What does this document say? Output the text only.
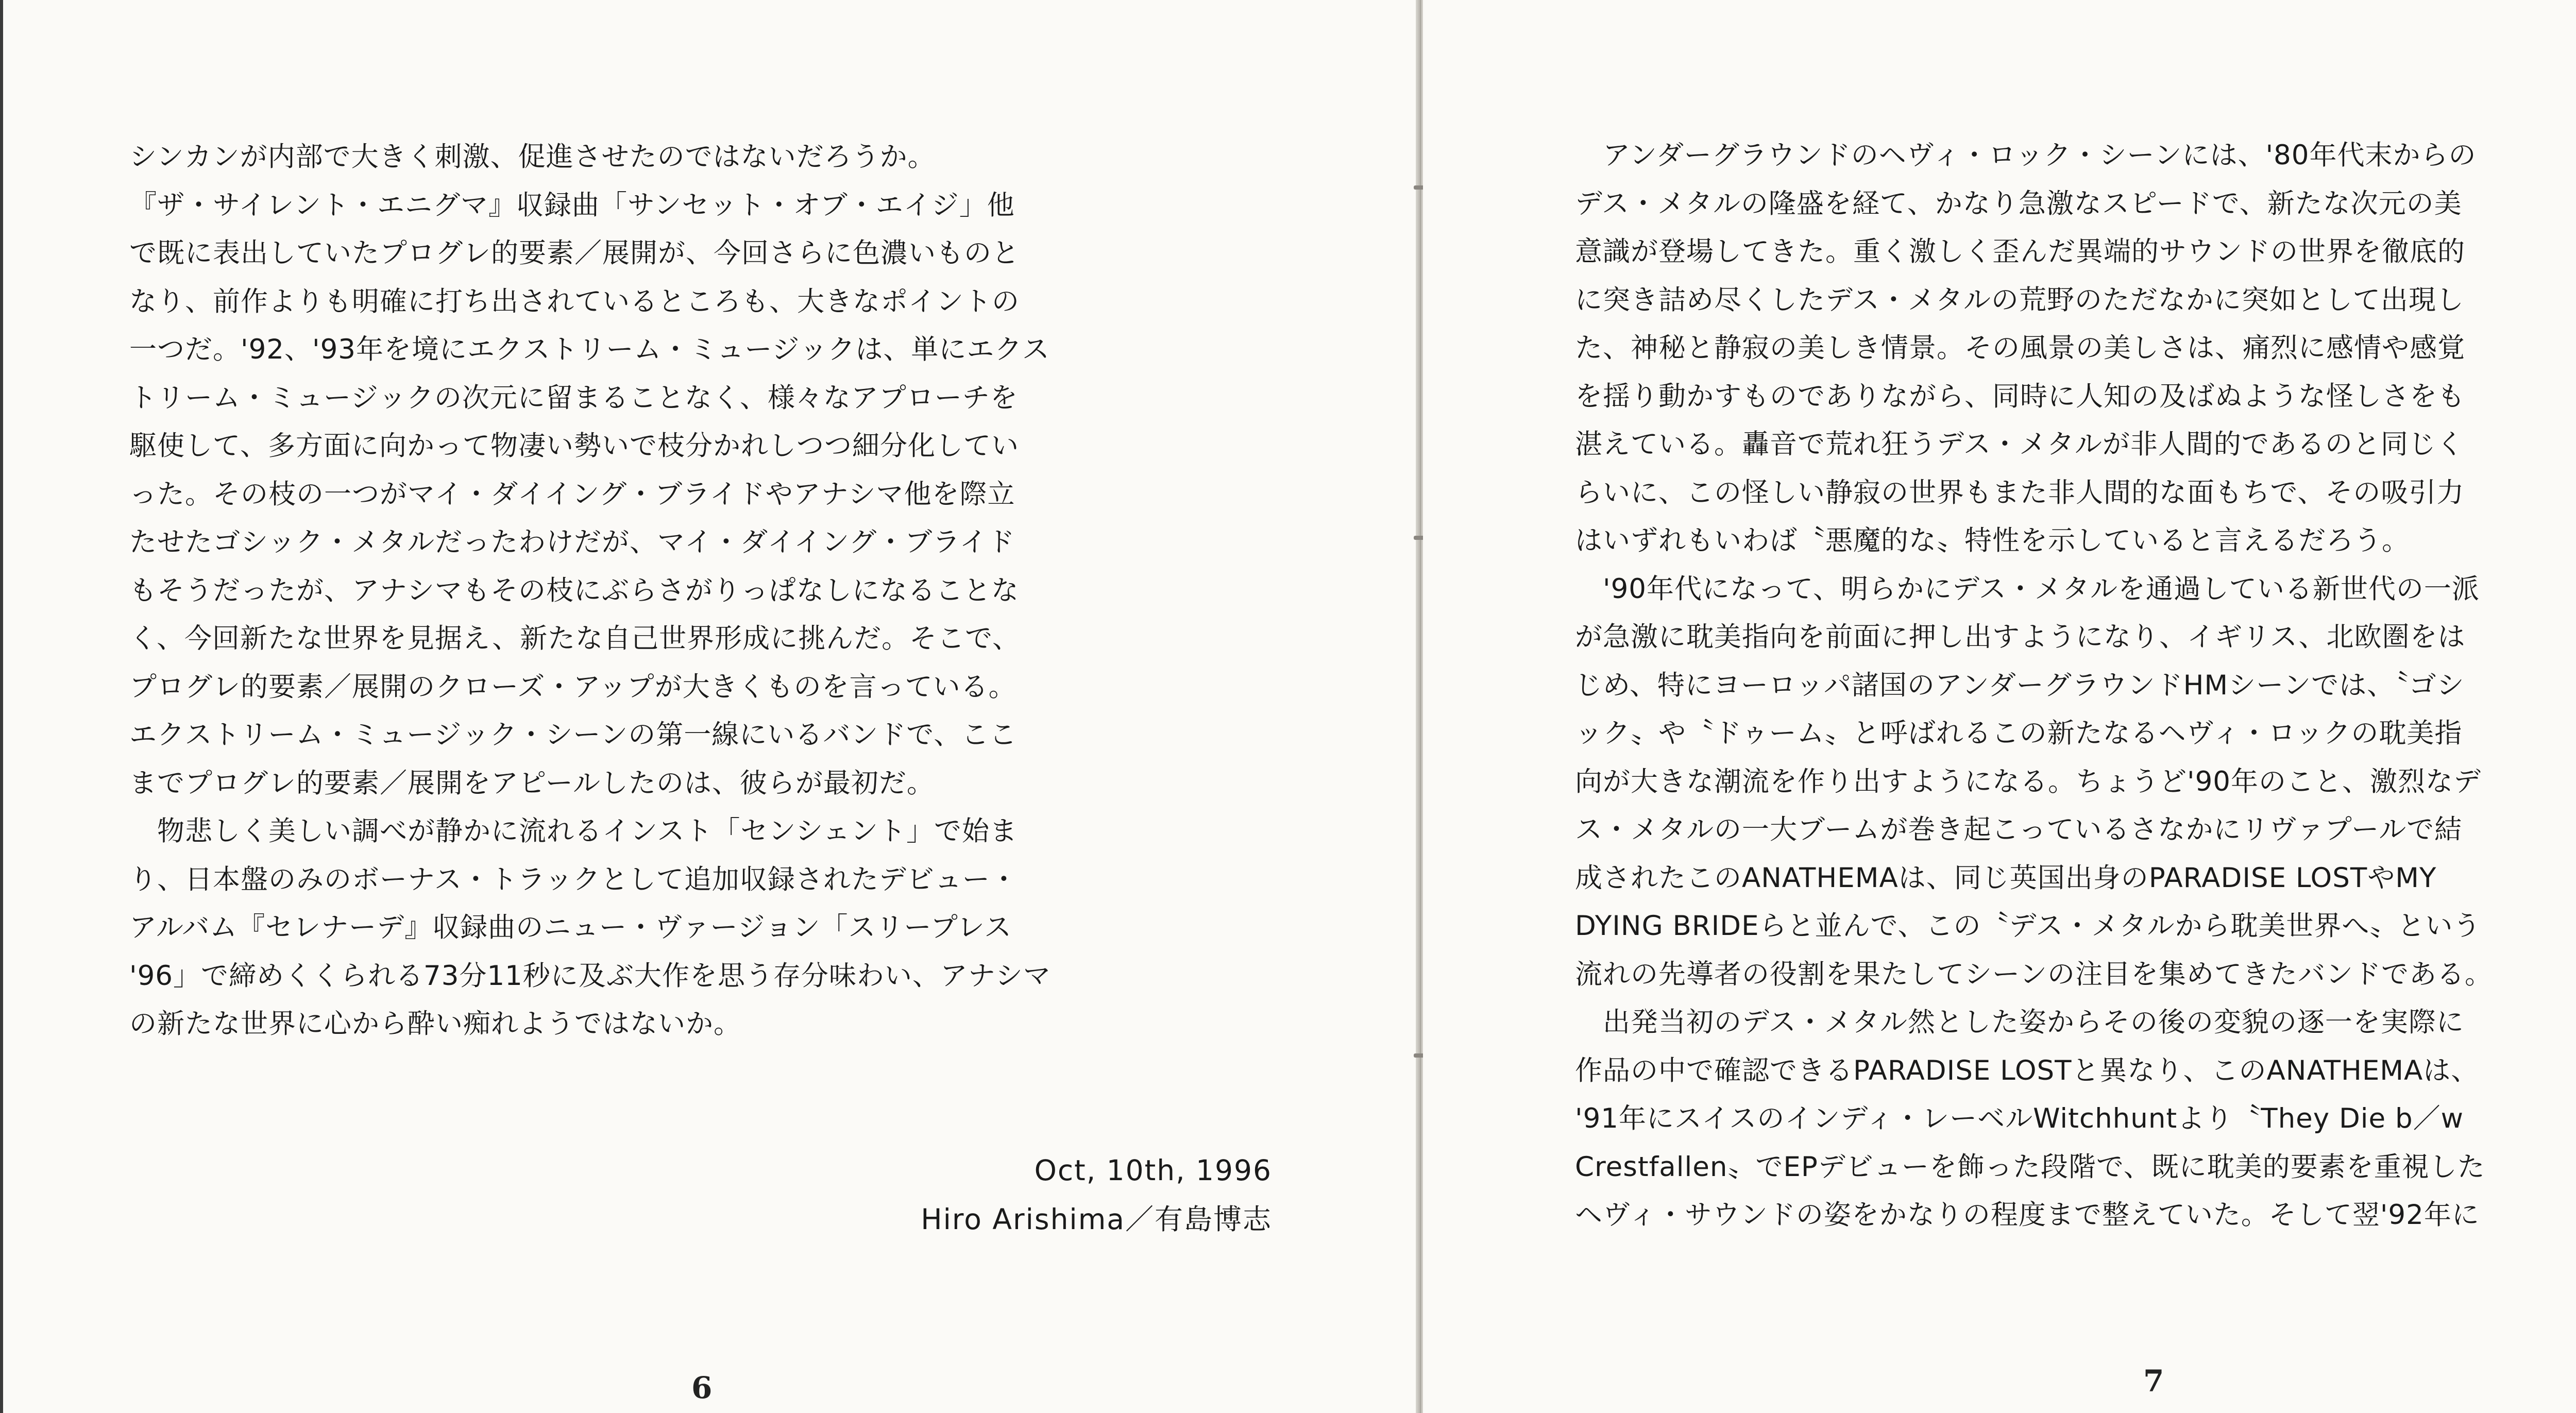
シンカンが内部で大きく刺激、促進させたのではないだろうか。
『ザ・サイレント・エニグマ』収録曲「サンセット・オブ・エイジ」他
で既に表出していたプログレ的要素／展開が、今回さらに色濃いものと
なり、前作よりも明確に打ち出されているところも、大きなポイントの
一つだ。'92、'93年を境にエクストリーム・ミュージックは、単にエクス
トリーム・ミュージックの次元に留まることなく、様々なアプローチを
駆使して、多方面に向かって物凄い勢いで枝分かれしつつ細分化してい
った。その枝の一つがマイ・ダイイング・ブライドやアナシマ他を際立
たせたゴシック・メタルだったわけだが、マイ・ダイイング・ブライド
もそうだったが、アナシマもその枝にぶらさがりっぱなしになることな
く、今回新たな世界を見据え、新たな自己世界形成に挑んだ。そこで、
プログレ的要素／展開のクローズ・アップが大きくものを言っている。
エクストリーム・ミュージック・シーンの第一線にいるバンドで、ここ
までプログレ的要素／展開をアピールしたのは、彼らが最初だ。
　物悲しく美しい調べが静かに流れるインスト「センシェント」で始ま
り、日本盤のみのボーナス・トラックとして追加収録されたデビュー・
アルバム『セレナーデ』収録曲のニュー・ヴァージョン「スリープレス
'96」で締めくくられる73分11秒に及ぶ大作を思う存分味わい、アナシマ
の新たな世界に心から酔い痴れようではないか。
Oct, 10th, 1996
Hiro Arishima／有島博志
6
　アンダーグラウンドのヘヴィ・ロック・シーンには、'80年代末からの
デス・メタルの隆盛を経て、かなり急激なスピードで、新たな次元の美
意識が登場してきた。重く激しく歪んだ異端的サウンドの世界を徹底的
に突き詰め尽くしたデス・メタルの荒野のただなかに突如として出現し
た、神秘と静寂の美しき情景。その風景の美しさは、痛烈に感情や感覚
を揺り動かすものでありながら、同時に人知の及ばぬような怪しさをも
湛えている。轟音で荒れ狂うデス・メタルが非人間的であるのと同じく
らいに、この怪しい静寂の世界もまた非人間的な面もちで、その吸引力
はいずれもいわば〝悪魔的な〟特性を示していると言えるだろう。
　'90年代になって、明らかにデス・メタルを通過している新世代の一派
が急激に耽美指向を前面に押し出すようになり、イギリス、北欧圏をは
じめ、特にヨーロッパ諸国のアンダーグラウンドHMシーンでは、〝ゴシ
ック〟や〝ドゥーム〟と呼ばれるこの新たなるヘヴィ・ロックの耽美指
向が大きな潮流を作り出すようになる。ちょうど'90年のこと、激烈なデ
ス・メタルの一大ブームが巻き起こっているさなかにリヴァプールで結
成されたこのANATHEMAは、同じ英国出身のPARADISE LOSTやMY
DYING BRIDEらと並んで、この〝デス・メタルから耽美世界へ〟という
流れの先導者の役割を果たしてシーンの注目を集めてきたバンドである。
　出発当初のデス・メタル然とした姿からその後の変貌の逐一を実際に
作品の中で確認できるPARADISE LOSTと異なり、このANATHEMAは、
'91年にスイスのインディ・レーベルWitchhuntより〝They Die b／w
Crestfallen〟でEPデビューを飾った段階で、既に耽美的要素を重視した
ヘヴィ・サウンドの姿をかなりの程度まで整えていた。そして翌'92年に
7
